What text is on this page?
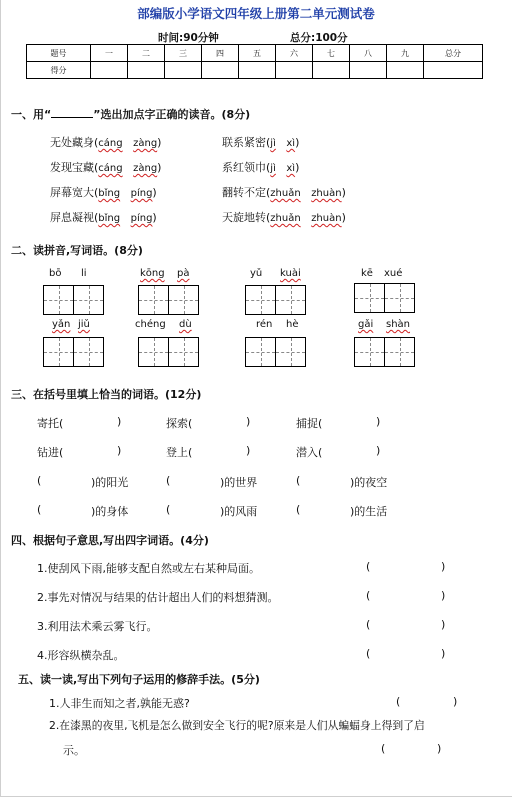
部编版小学语文四年级上册第二单元测试卷
时间:90分钟	总分:100分
题号	一	二	三	四	五	六	七	八	九	总分
得分										
一、用“	”选出加点字正确的读音。(8分)
无处藏身(cáng zàng)	联系紧密(jì xì)
发现宝藏(cáng zàng)	系红领巾(jì xì)
屏幕宽大(bǐng píng)	翻转不定(zhuǎn zhuàn)
屏息凝视(bǐng píng)	天旋地转(zhuǎn zhuàn)
二、读拼音,写词语。(8分)
bō li	kōng pà	yǔ kuài	kē xué
yǎn jiǔ	chéng dù	rén hè	gǎi shàn
三、在括号里填上恰当的词语。(12分)
寄托(	)	探索(	)	捕捉(	)
钻进(	)	登上(	)	潜入(	)
(	)的阳光	(	)的世界	(	)的夜空
(	)的身体	(	)的风雨	(	)的生活
四、根据句子意思,写出四字词语。(4分)
1.使刮风下雨,能够支配自然或左右某种局面。	(	)
2.事先对情况与结果的估计超出人们的料想猜测。	(	)
3.利用法术乘云雾飞行。	(	)
4.形容纵横杂乱。	(	)
五、读一读,写出下列句子运用的修辞手法。(5分)
1.人非生而知之者,孰能无惑?	(	)
2.在漆黑的夜里,飞机是怎么做到安全飞行的呢?原来是人们从蝙蝠身上得到了启
示。	(	)
